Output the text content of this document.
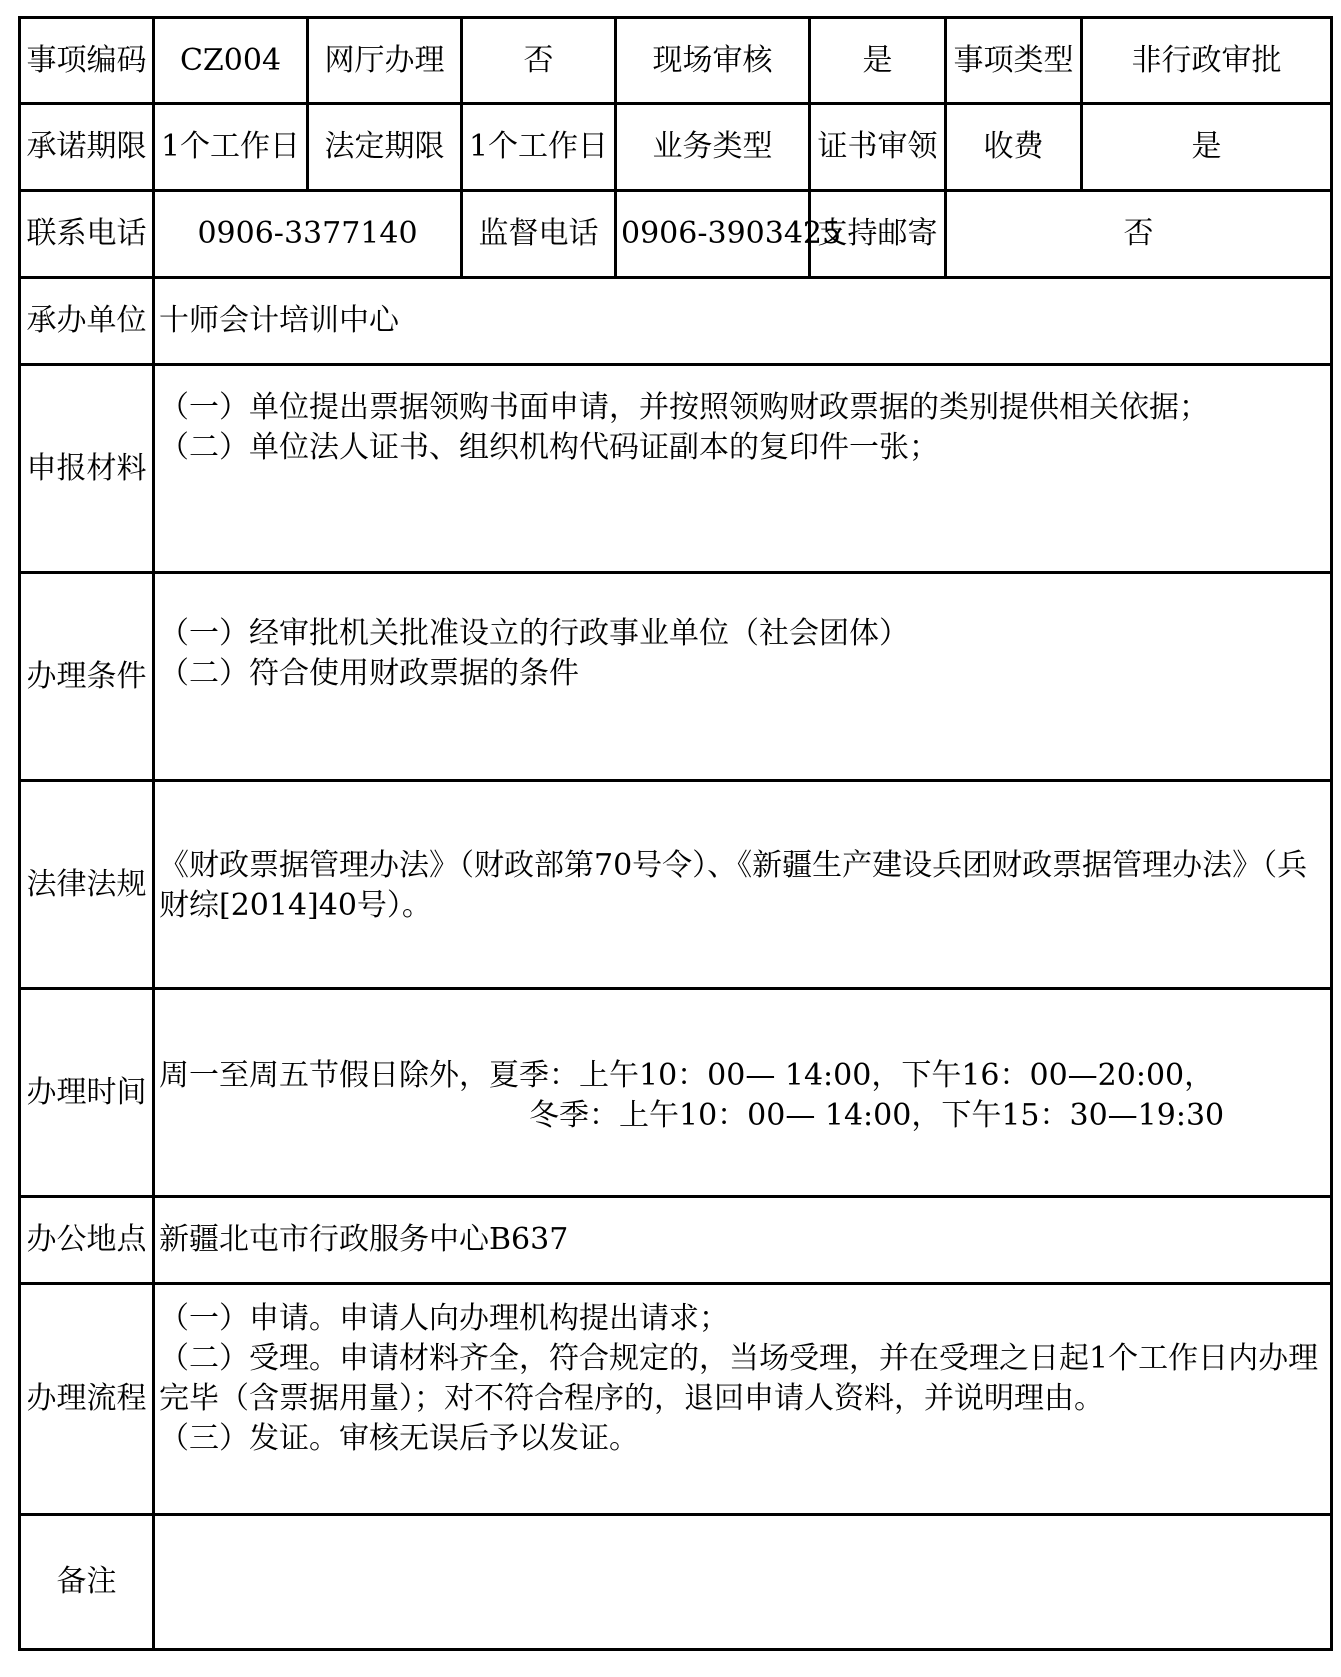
事项编码	CZ004	网厅办理	否	现场审核	是	事项类型	非行政审批
承诺期限	1个工作日	法定期限	1个工作日	业务类型	证书审领	收费	是
联系电话	0906-3377140		监督电话	0906-3903425	支持邮寄	否	
承办单位	十师会计培训中心						
申报材料	（一）单位提出票据领购书面申请，并按照领购财政票据的类别提供相关依据；
（二）单位法人证书、组织机构代码证副本的复印件一张；						

办理条件	（一）经审批机关批准设立的行政事业单位（社会团体）
（二）符合使用财政票据的条件						

法律法规	《财政票据管理办法》（财政部第70号令）、《新疆生产建设兵团财政票据管理办法》（兵财综[2014]40号）。						
办理时间	周一至周五节假日除外，夏季：上午10：00— 14:00，下午16：00—20:00，
冬季：上午10：00— 14:00，下午15：30—19:30						

办公地点	新疆北屯市行政服务中心B637						
办理流程	（一）申请。申请人向办理机构提出请求；
（二）受理。申请材料齐全，符合规定的，当场受理，并在受理之日起1个工作日内办理完毕（含票据用量）；对不符合程序的，退回申请人资料，并说明理由。
（三）发证。审核无误后予以发证。						

备注							
